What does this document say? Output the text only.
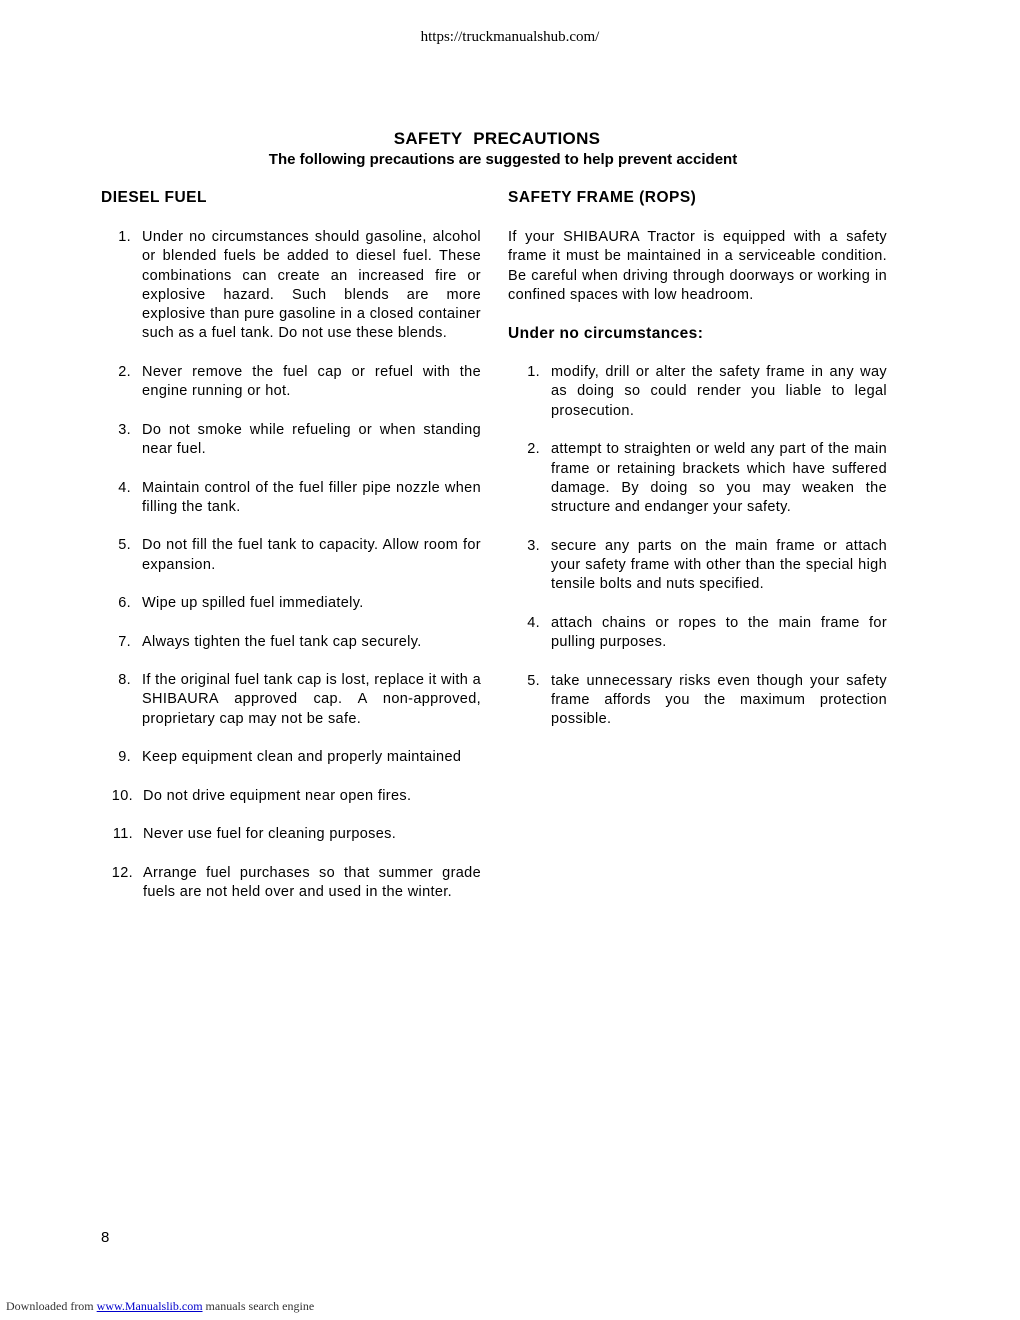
https://truckmanualshub.com/
SAFETY PRECAUTIONS
The following precautions are suggested to help prevent accident
DIESEL FUEL
1. Under no circumstances should gasoline, alcohol or blended fuels be added to diesel fuel. These combinations can create an increased fire or explosive hazard. Such blends are more explosive than pure gasoline in a closed container such as a fuel tank. Do not use these blends.
2. Never remove the fuel cap or refuel with the engine running or hot.
3. Do not smoke while refueling or when standing near fuel.
4. Maintain control of the fuel filler pipe nozzle when filling the tank.
5. Do not fill the fuel tank to capacity. Allow room for expansion.
6. Wipe up spilled fuel immediately.
7. Always tighten the fuel tank cap securely.
8. If the original fuel tank cap is lost, replace it with a SHIBAURA approved cap. A non-approved, proprietary cap may not be safe.
9. Keep equipment clean and properly maintained
10. Do not drive equipment near open fires.
11. Never use fuel for cleaning purposes.
12. Arrange fuel purchases so that summer grade fuels are not held over and used in the winter.
SAFETY FRAME (ROPS)
If your SHIBAURA Tractor is equipped with a safety frame it must be maintained in a serviceable condition. Be careful when driving through doorways or working in confined spaces with low headroom.
Under no circumstances:
1. modify, drill or alter the safety frame in any way as doing so could render you liable to legal prosecution.
2. attempt to straighten or weld any part of the main frame or retaining brackets which have suffered damage. By doing so you may weaken the structure and endanger your safety.
3. secure any parts on the main frame or attach your safety frame with other than the special high tensile bolts and nuts specified.
4. attach chains or ropes to the main frame for pulling purposes.
5. take unnecessary risks even though your safety frame affords you the maximum protection possible.
8
Downloaded from www.Manualslib.com manuals search engine
